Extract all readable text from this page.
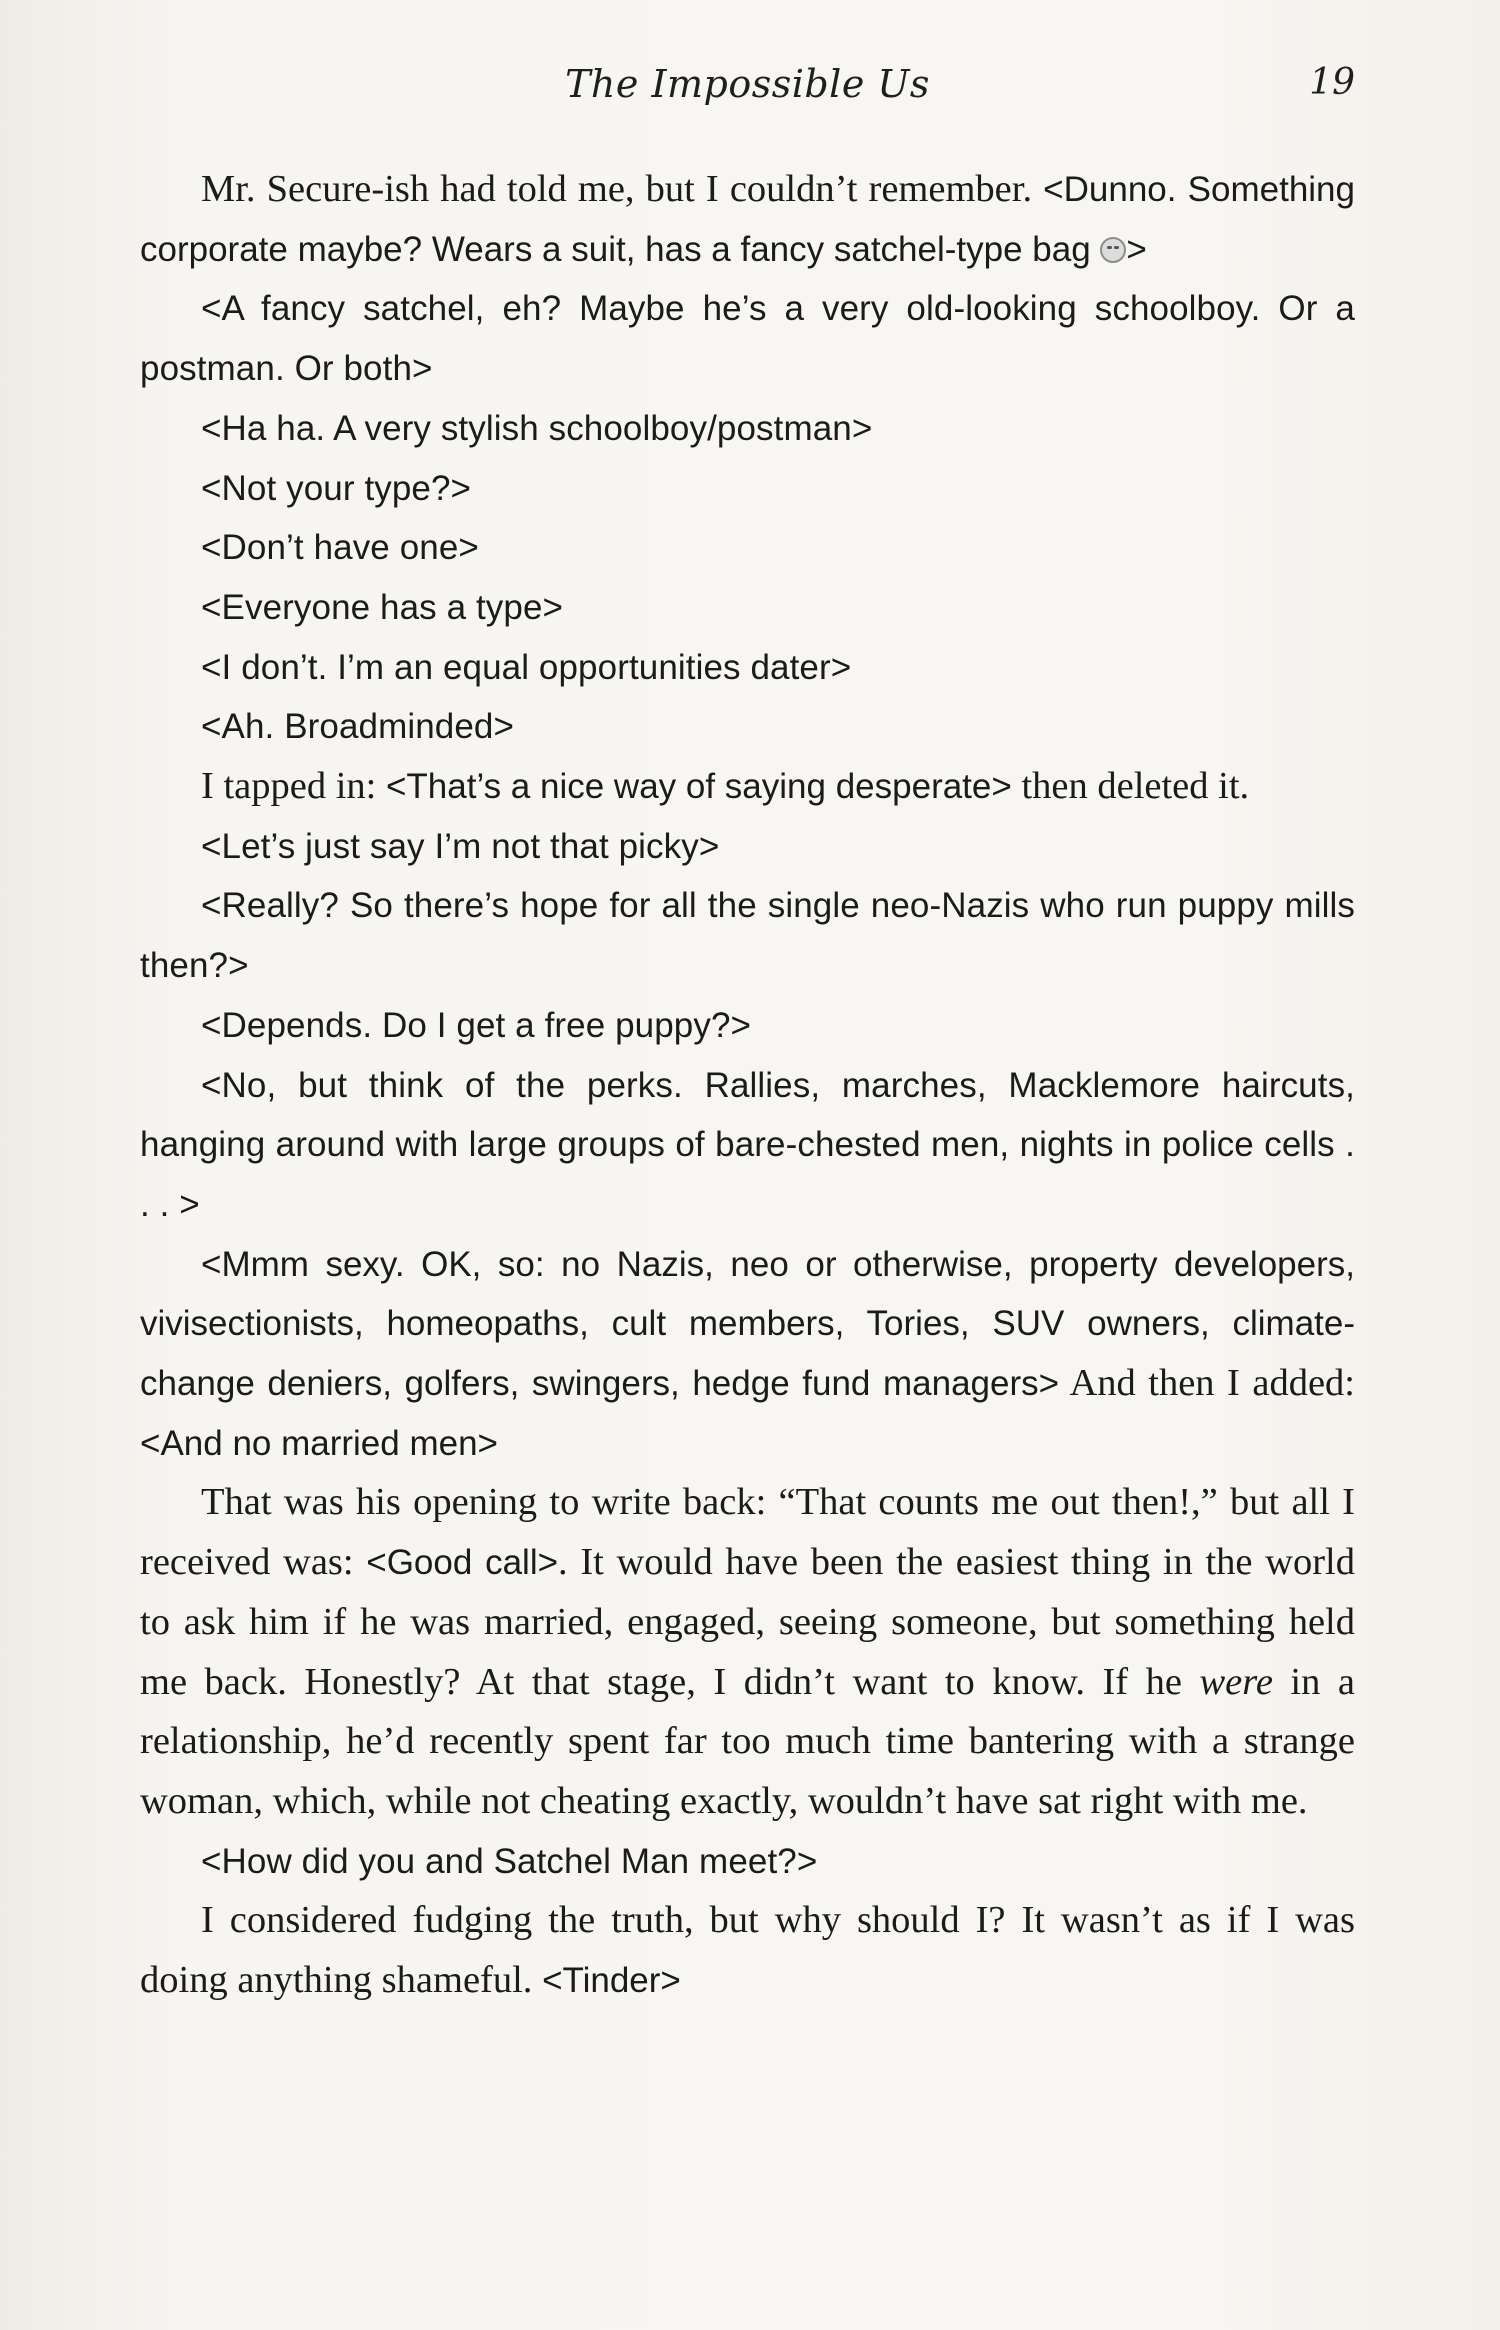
The Impossible Us	19

Mr. Secure-ish had told me, but I couldn’t remember. <Dunno. Something corporate maybe? Wears a suit, has a fancy satchel-type bag >

<A fancy satchel, eh? Maybe he’s a very old-looking schoolboy. Or a postman. Or both>

<Ha ha. A very stylish schoolboy/postman>

<Not your type?>

<Don’t have one>

<Everyone has a type>

<I don’t. I’m an equal opportunities dater>

<Ah. Broadminded>

I tapped in: <That’s a nice way of saying desperate> then deleted it.

<Let’s just say I’m not that picky>

<Really? So there’s hope for all the single neo-Nazis who run puppy mills then?>

<Depends. Do I get a free puppy?>

<No, but think of the perks. Rallies, marches, Macklemore haircuts, hanging around with large groups of bare-chested men, nights in police cells . . . >

<Mmm sexy. OK, so: no Nazis, neo or otherwise, property developers, vivisectionists, homeopaths, cult members, Tories, SUV owners, climate-change deniers, golfers, swingers, hedge fund managers> And then I added: <And no married men>

That was his opening to write back: “That counts me out then!,” but all I received was: <Good call>. It would have been the easiest thing in the world to ask him if he was married, engaged, seeing someone, but something held me back. Honestly? At that stage, I didn’t want to know. If he were in a relationship, he’d recently spent far too much time bantering with a strange woman, which, while not cheating exactly, wouldn’t have sat right with me.

<How did you and Satchel Man meet?>

I considered fudging the truth, but why should I? It wasn’t as if I was doing anything shameful. <Tinder>
